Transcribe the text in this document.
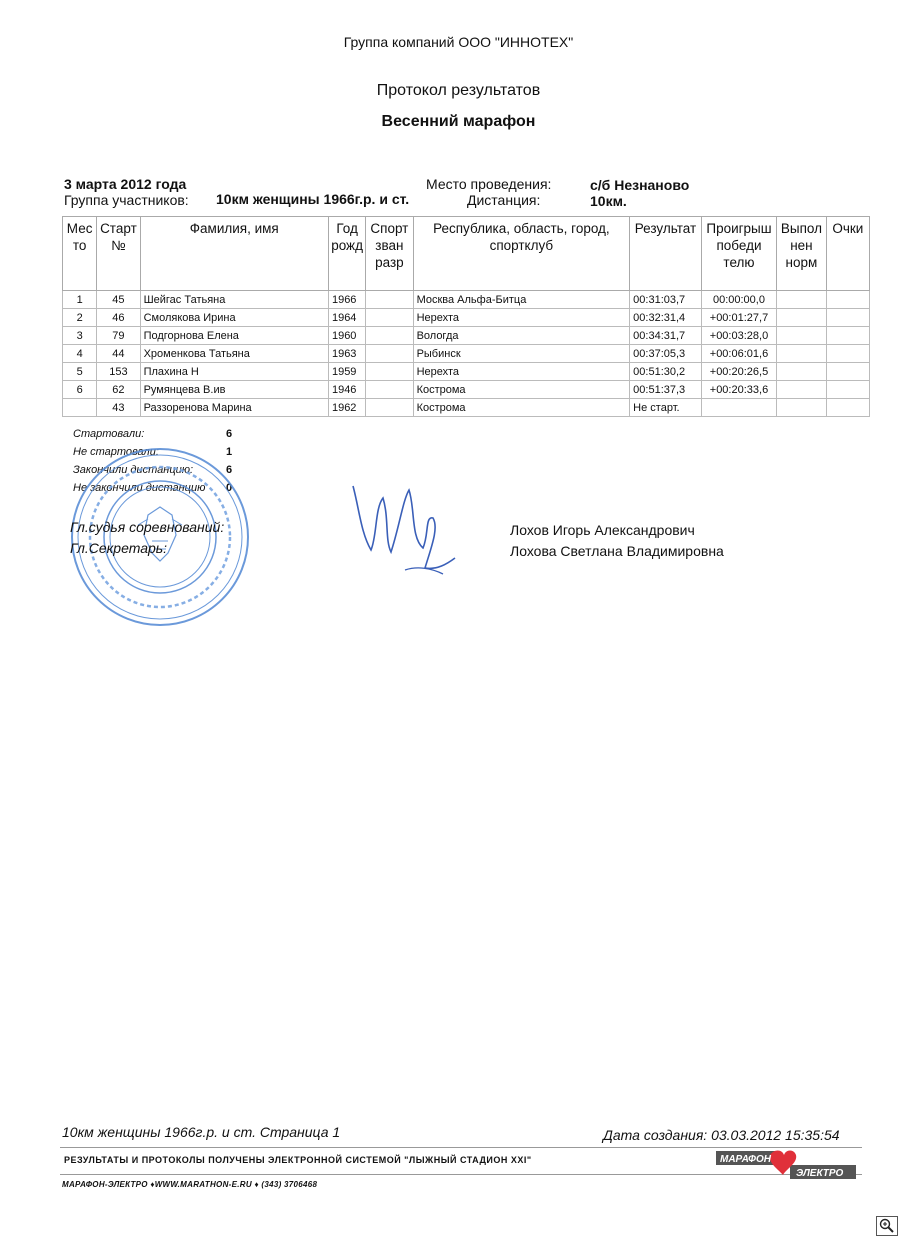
Группа компаний ООО "ИННОТЕХ"
Протокол результатов
Весенний марафон
3 марта 2012 года
Группа участников: 10км женщины 1966г.р. и ст.
Место проведения:	с/б Незнаново
Дистанция:	10км.
Мес то	Старт №	Фамилия, имя	Год рожд	Спорт зван разр	Республика, область, город, спортклуб	Результат	Проигрыш победи телю	Выпол нен норм	Очки
1	45	Шейгас Татьяна	1966		Москва Альфа-Битца	00:31:03,7	00:00:00,0		
2	46	Смолякова Ирина	1964		Нерехта	00:32:31,4	+00:01:27,7		
3	79	Подгорнова Елена	1960		Вологда	00:34:31,7	+00:03:28,0		
4	44	Хроменкова Татьяна	1963		Рыбинск	00:37:05,3	+00:06:01,6		
5	153	Плахина Н	1959		Нерехта	00:51:30,2	+00:20:26,5		
6	62	Румянцева В.ив	1946		Кострома	00:51:37,3	+00:20:33,6		
	43	Раззоренова Марина	1962		Кострома	Не старт.			
Стартовали:	6
Не стартовали:	1
Закончили дистанцию:	6
Не закончили дистанцию 0
Гл.судья соревнований:	Лохов Игорь Александрович
Гл.Секретарь:	Лохова Светлана Владимировна
10км женщины 1966г.р. и ст. Страница 1	Дата создания: 03.03.2012 15:35:54
РЕЗУЛЬТАТЫ И ПРОТОКОЛЫ ПОЛУЧЕНЫ ЭЛЕКТРОННОЙ СИСТЕМОЙ "ЛЫЖНЫЙ СТАДИОН XXI"
МАРАФОН-ЭЛЕКТРО ♦WWW.MARATHON-E.RU ♦ (343) 3706468
МАРАФОН
ЭЛЕКТРО
